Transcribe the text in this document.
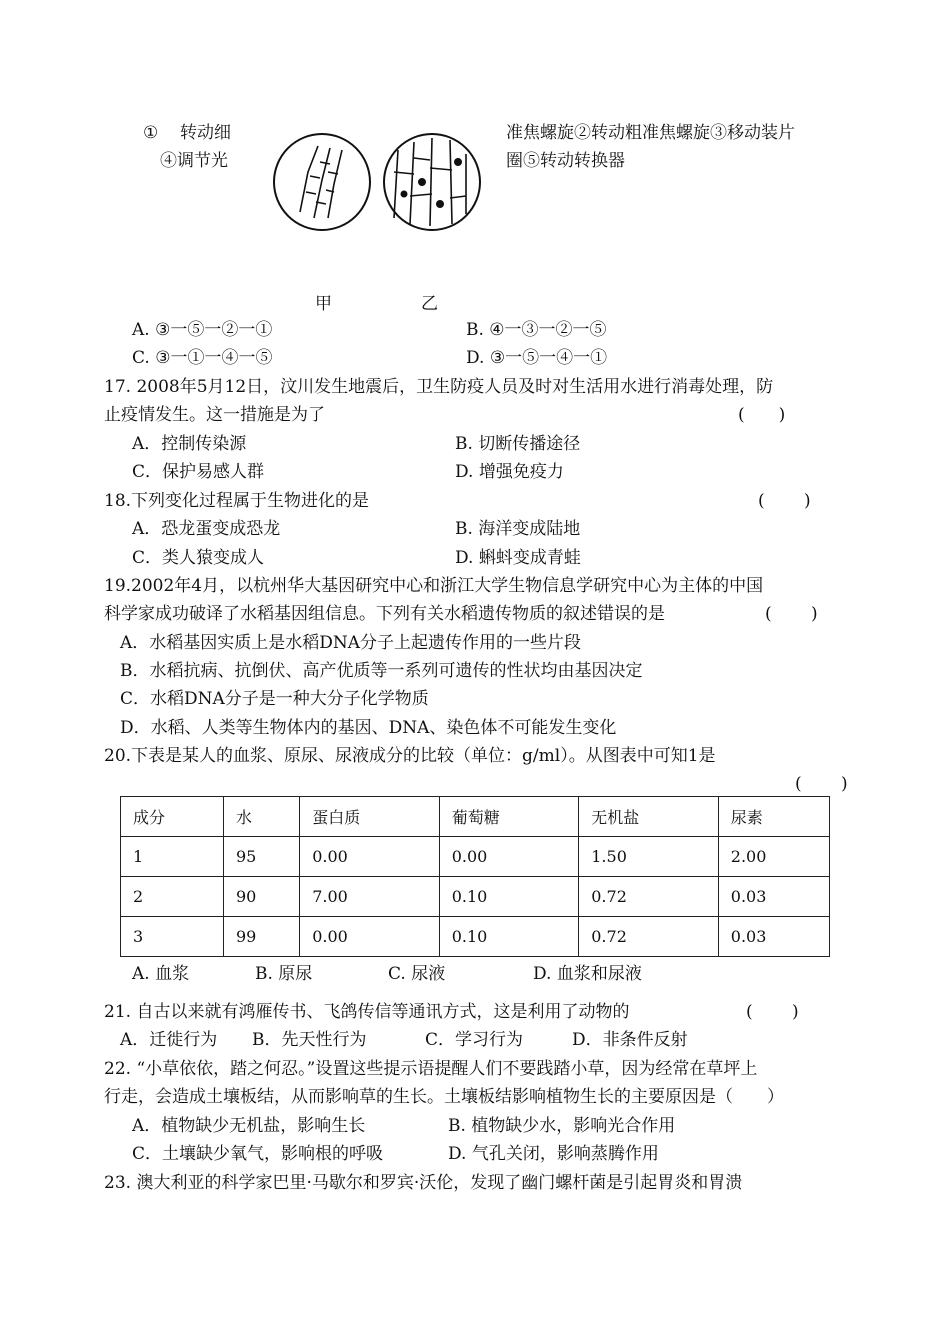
① 转动细
④调节光
准焦螺旋②转动粗准焦螺旋③移动装片
圈⑤转动转换器
甲	乙
A. ③一⑤一②一①	B. ④一③一②一⑤
C. ③一①一④一⑤	D. ③一⑤一④一①
17. 2008年5月12日，汶川发生地震后，卫生防疫人员及时对生活用水进行消毒处理，防
止疫情发生。这一措施是为了	(　　)
A．控制传染源	B. 切断传播途径
C．保护易感人群	D. 增强免疫力
18.下列变化过程属于生物进化的是	(　　 )
A．恐龙蛋变成恐龙	B. 海洋变成陆地
C．类人猿变成人	D. 蝌蚪变成青蛙
19.2002年4月，以杭州华大基因研究中心和浙江大学生物信息学研究中心为主体的中国
科学家成功破译了水稻基因组信息。下列有关水稻遗传物质的叙述错误的是	(　　 )
A．水稻基因实质上是水稻DNA分子上起遗传作用的一些片段
B．水稻抗病、抗倒伏、高产优质等一系列可遗传的性状均由基因决定
C．水稻DNA分子是一种大分子化学物质
D．水稻、人类等生物体内的基因、DNA、染色体不可能发生变化
20.下表是某人的血浆、原尿、尿液成分的比较（单位：g/ml）。从图表中可知1是
(　　 )
成分	水	蛋白质	葡萄糖	无机盐	尿素
1	95	0.00	0.00	1.50	2.00
2	90	7.00	0.10	0.72	0.03
3	99	0.00	0.10	0.72	0.03
A. 血浆	B. 原尿	C. 尿液	D. 血浆和尿液
21. 自古以来就有鸿雁传书、飞鸽传信等通讯方式，这是利用了动物的	(　　 )
A．迁徙行为 B．先天性行为	C．学习行为	D．非条件反射
22. “小草依依，踏之何忍。”设置这些提示语提醒人们不要践踏小草，因为经常在草坪上
行走，会造成土壤板结，从而影响草的生长。土壤板结影响植物生长的主要原因是（　　）
A．植物缺少无机盐，影响生长	B. 植物缺少水，影响光合作用
C．土壤缺少氧气，影响根的呼吸	D. 气孔关闭，影响蒸腾作用
23. 澳大利亚的科学家巴里·马歇尔和罗宾·沃伦，发现了幽门螺杆菌是引起胃炎和胃溃
